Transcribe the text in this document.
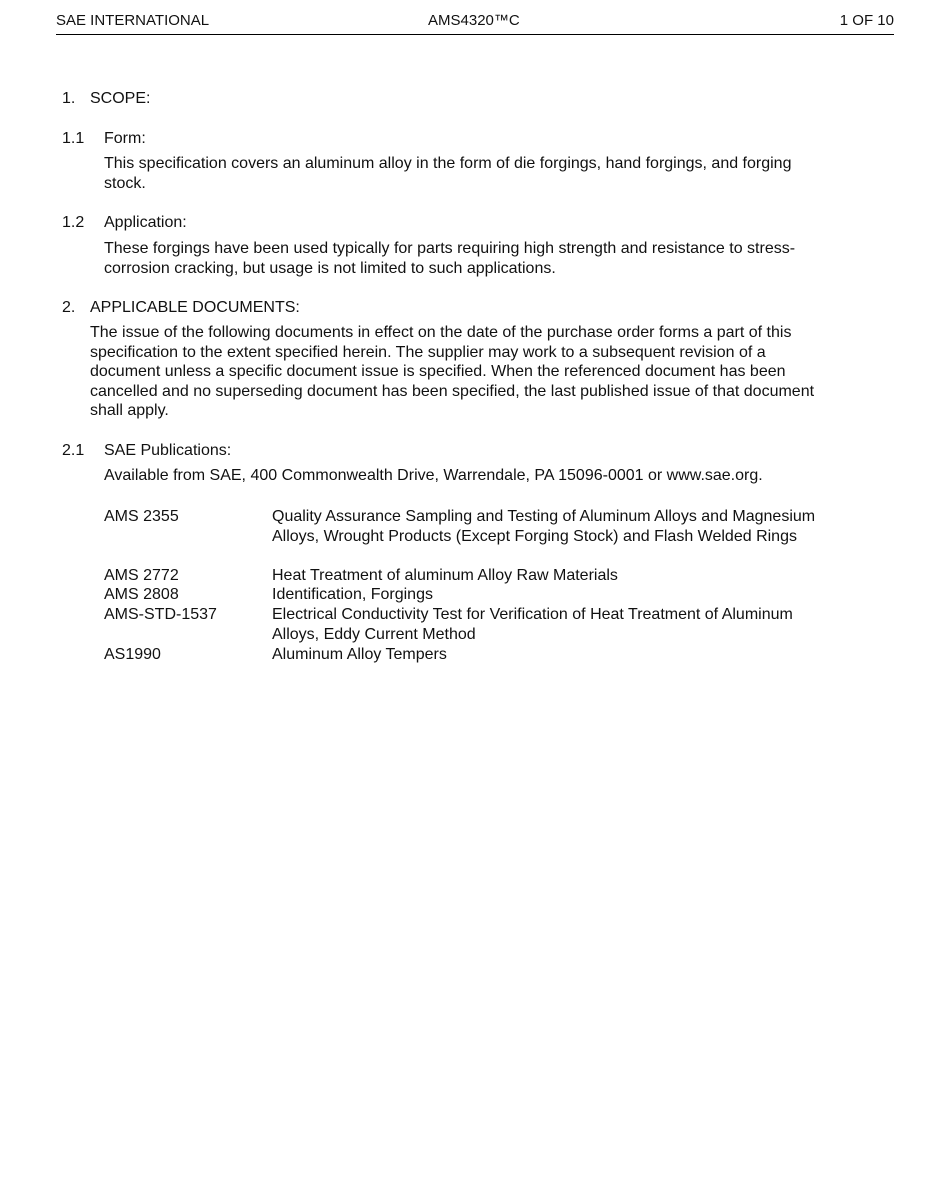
SAE INTERNATIONAL	AMS4320™C	1 OF 10
1. SCOPE:
1.1 Form:
This specification covers an aluminum alloy in the form of die forgings, hand forgings, and forging stock.
1.2 Application:
These forgings have been used typically for parts requiring high strength and resistance to stress-corrosion cracking, but usage is not limited to such applications.
2. APPLICABLE DOCUMENTS:
The issue of the following documents in effect on the date of the purchase order forms a part of this specification to the extent specified herein. The supplier may work to a subsequent revision of a document unless a specific document issue is specified. When the referenced document has been cancelled and no superseding document has been specified, the last published issue of that document shall apply.
2.1 SAE Publications:
Available from SAE, 400 Commonwealth Drive, Warrendale, PA 15096-0001 or www.sae.org.
AMS 2355	Quality Assurance Sampling and Testing of Aluminum Alloys and Magnesium Alloys, Wrought Products (Except Forging Stock) and Flash Welded Rings
AMS 2772	Heat Treatment of aluminum Alloy Raw Materials
AMS 2808	Identification, Forgings
AMS-STD-1537	Electrical Conductivity Test for Verification of Heat Treatment of Aluminum Alloys, Eddy Current Method
AS1990	Aluminum Alloy Tempers
